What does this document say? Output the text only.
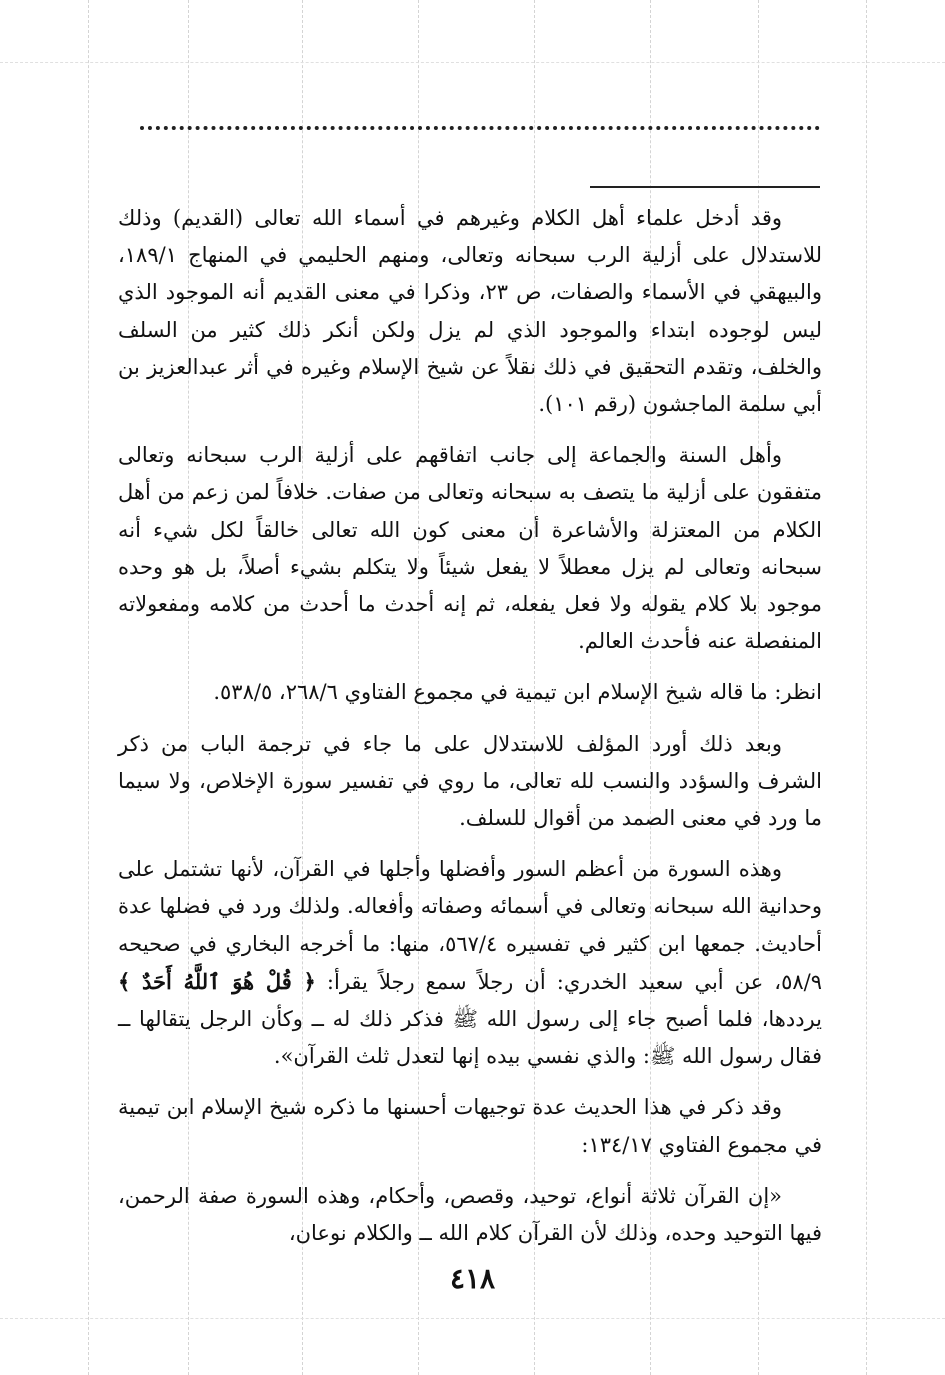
وقد أدخل علماء أهل الكلام وغيرهم في أسماء الله تعالى (القديم) وذلك للاستدلال على أزلية الرب سبحانه وتعالى، ومنهم الحليمي في المنهاج ١٨٩/١، والبيهقي في الأسماء والصفات، ص ٢٣، وذكرا في معنى القديم أنه الموجود الذي ليس لوجوده ابتداء والموجود الذي لم يزل ولكن أنكر ذلك كثير من السلف والخلف، وتقدم التحقيق في ذلك نقلاً عن شيخ الإسلام وغيره في أثر عبدالعزيز بن أبي سلمة الماجشون (رقم ١٠١).

وأهل السنة والجماعة إلى جانب اتفاقهم على أزلية الرب سبحانه وتعالى متفقون على أزلية ما يتصف به سبحانه وتعالى من صفات. خلافاً لمن زعم من أهل الكلام من المعتزلة والأشاعرة أن معنى كون الله تعالى خالقاً لكل شيء أنه سبحانه وتعالى لم يزل معطلاً لا يفعل شيئاً ولا يتكلم بشيء أصلاً، بل هو وحده موجود بلا كلام يقوله ولا فعل يفعله، ثم إنه أحدث ما أحدث من كلامه ومفعولاته المنفصلة عنه فأحدث العالم.

انظر: ما قاله شيخ الإسلام ابن تيمية في مجموع الفتاوي ٢٦٨/٦، ٥٣٨/٥.

وبعد ذلك أورد المؤلف للاستدلال على ما جاء في ترجمة الباب من ذكر الشرف والسؤدد والنسب لله تعالى، ما روي في تفسير سورة الإخلاص، ولا سيما ما ورد في معنى الصمد من أقوال للسلف.

وهذه السورة من أعظم السور وأفضلها وأجلها في القرآن، لأنها تشتمل على وحدانية الله سبحانه وتعالى في أسمائه وصفاته وأفعاله. ولذلك ورد في فضلها عدة أحاديث. جمعها ابن كثير في تفسيره ٥٦٧/٤، منها: ما أخرجه البخاري في صحيحه ٥٨/٩، عن أبي سعيد الخدري: أن رجلاً سمع رجلاً يقرأ: ﴿ قُلْ هُوَ ٱللَّهُ أَحَدٌ ﴾ يرددها، فلما أصبح جاء إلى رسول الله ﷺ فذكر ذلك له ــ وكأن الرجل يتقالها ــ فقال رسول الله ﷺ: والذي نفسي بيده إنها لتعدل ثلث القرآن».

وقد ذكر في هذا الحديث عدة توجيهات أحسنها ما ذكره شيخ الإسلام ابن تيمية في مجموع الفتاوي ١٣٤/١٧:

«إن القرآن ثلاثة أنواع، توحيد، وقصص، وأحكام، وهذه السورة صفة الرحمن، فيها التوحيد وحده، وذلك لأن القرآن كلام الله ــ والكلام نوعان،

٤١٨
